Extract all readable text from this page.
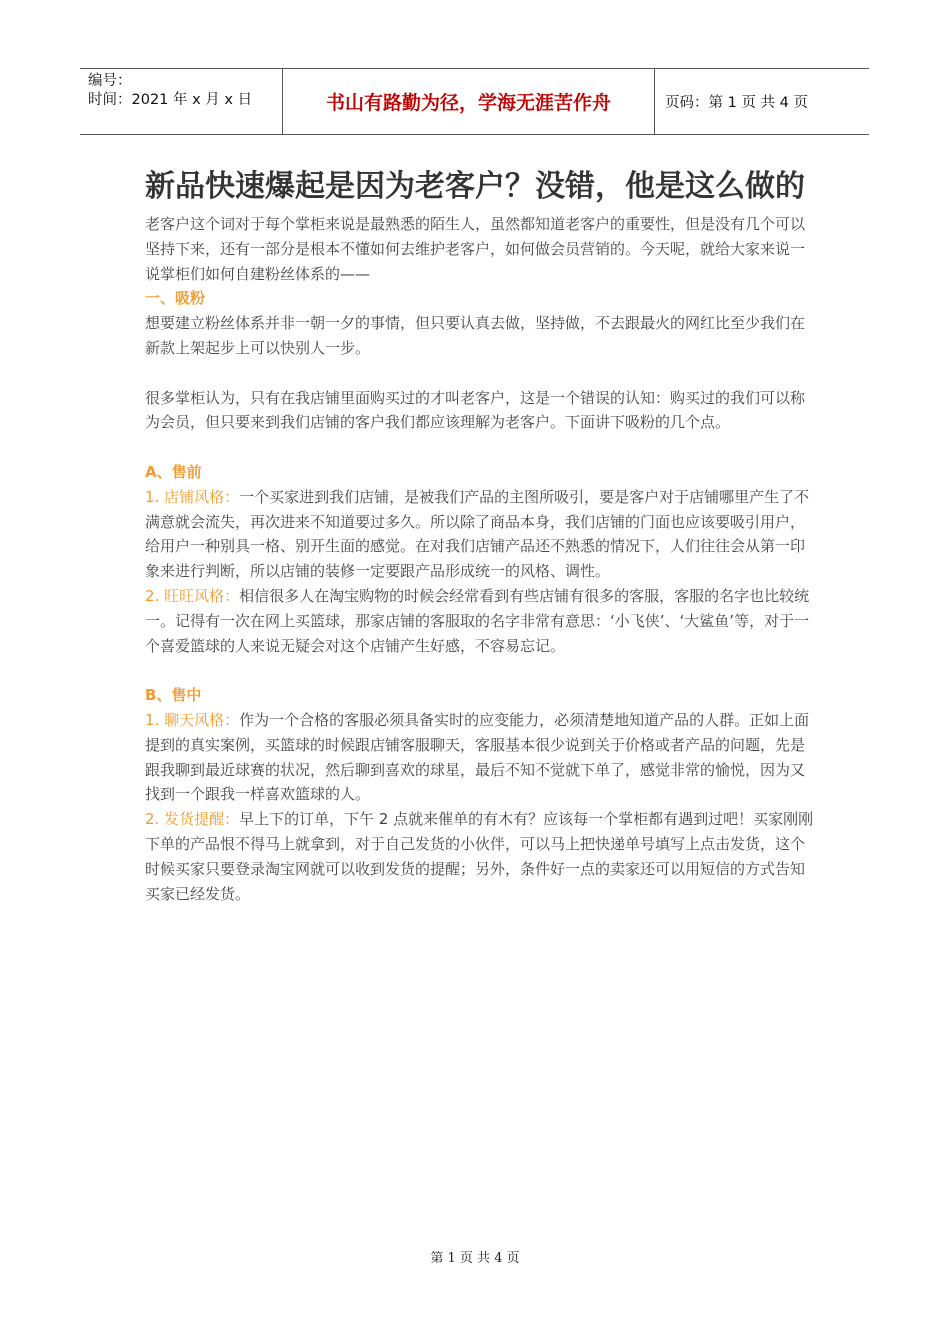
编号：
时间：2021 年 x 月 x 日	书山有路勤为径，学海无涯苦作舟	页码：第 1 页 共 4 页
新品快速爆起是因为老客户？没错，他是这么做的

老客户这个词对于每个掌柜来说是最熟悉的陌生人，虽然都知道老客户的重要性，但是没有几个可以坚持下来，还有一部分是根本不懂如何去维护老客户，如何做会员营销的。今天呢，就给大家来说一说掌柜们如何自建粉丝体系的——

一、吸粉

想要建立粉丝体系并非一朝一夕的事情，但只要认真去做，坚持做，不去跟最火的网红比至少我们在新款上架起步上可以快别人一步。

很多掌柜认为，只有在我店铺里面购买过的才叫老客户，这是一个错误的认知：购买过的我们可以称为会员，但只要来到我们店铺的客户我们都应该理解为老客户。下面讲下吸粉的几个点。

A、售前

1. 店铺风格：一个买家进到我们店铺，是被我们产品的主图所吸引，要是客户对于店铺哪里产生了不满意就会流失，再次进来不知道要过多久。所以除了商品本身，我们店铺的门面也应该要吸引用户，给用户一种别具一格、别开生面的感觉。在对我们店铺产品还不熟悉的情况下，人们往往会从第一印象来进行判断，所以店铺的装修一定要跟产品形成统一的风格、调性。

2. 旺旺风格：相信很多人在淘宝购物的时候会经常看到有些店铺有很多的客服，客服的名字也比较统一。记得有一次在网上买篮球，那家店铺的客服取的名字非常有意思：‘小飞侠’、‘大鲨鱼’等，对于一个喜爱篮球的人来说无疑会对这个店铺产生好感，不容易忘记。

B、售中

1. 聊天风格：作为一个合格的客服必须具备实时的应变能力，必须清楚地知道产品的人群。正如上面提到的真实案例，买篮球的时候跟店铺客服聊天，客服基本很少说到关于价格或者产品的问题，先是跟我聊到最近球赛的状况，然后聊到喜欢的球星，最后不知不觉就下单了，感觉非常的愉悦，因为又找到一个跟我一样喜欢篮球的人。

2. 发货提醒：早上下的订单，下午 2 点就来催单的有木有？应该每一个掌柜都有遇到过吧！买家刚刚下单的产品恨不得马上就拿到，对于自己发货的小伙伴，可以马上把快递单号填写上点击发货，这个时候买家只要登录淘宝网就可以收到发货的提醒；另外，条件好一点的卖家还可以用短信的方式告知买家已经发货。

第 1 页 共 4 页
